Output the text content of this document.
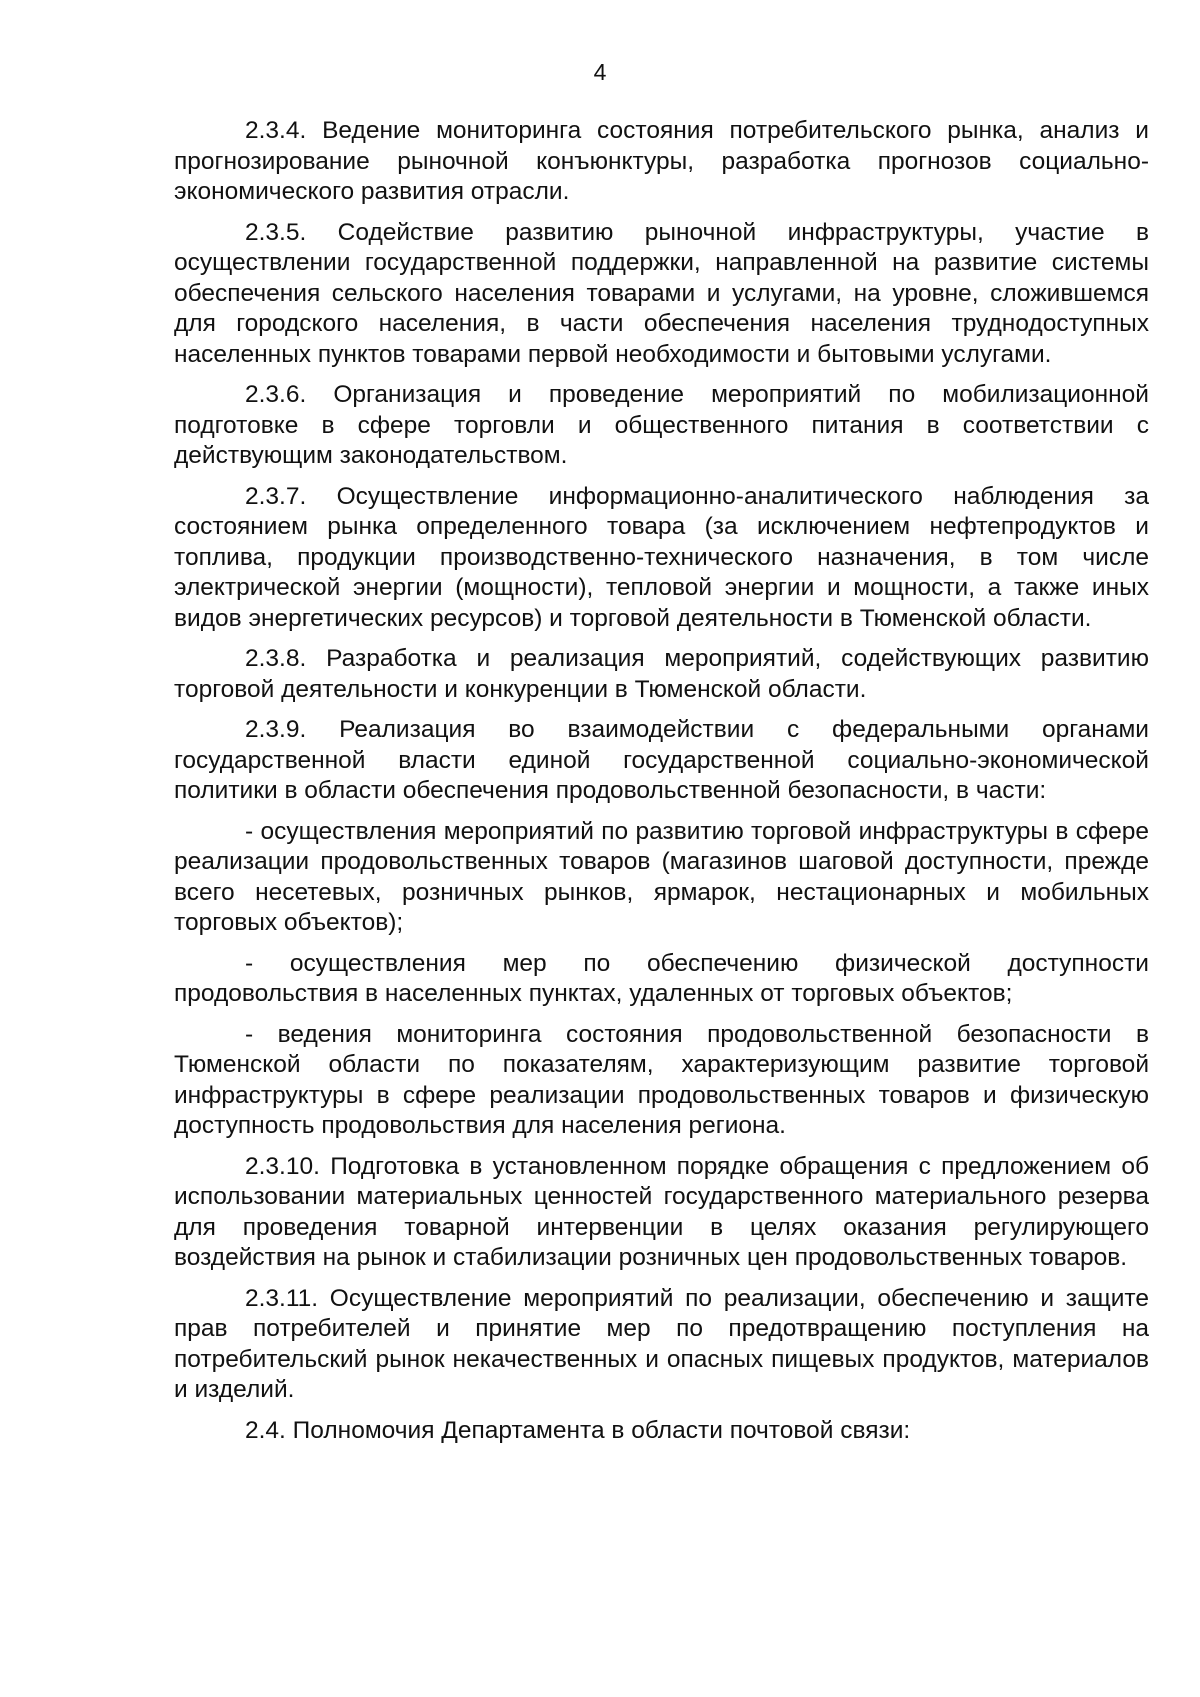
4

2.3.4. Ведение мониторинга состояния потребительского рынка, анализ и прогнозирование рыночной конъюнктуры, разработка прогнозов социально-экономического развития отрасли.

2.3.5. Содействие развитию рыночной инфраструктуры, участие в осуществлении государственной поддержки, направленной на развитие системы обеспечения сельского населения товарами и услугами, на уровне, сложившемся для городского населения, в части обеспечения населения труднодоступных населенных пунктов товарами первой необходимости и бытовыми услугами.

2.3.6. Организация и проведение мероприятий по мобилизационной подготовке в сфере торговли и общественного питания в соответствии с действующим законодательством.

2.3.7. Осуществление информационно-аналитического наблюдения за состоянием рынка определенного товара (за исключением нефтепродуктов и топлива, продукции производственно-технического назначения, в том числе электрической энергии (мощности), тепловой энергии и мощности, а также иных видов энергетических ресурсов) и торговой деятельности в Тюменской области.

2.3.8. Разработка и реализация мероприятий, содействующих развитию торговой деятельности и конкуренции в Тюменской области.

2.3.9. Реализация во взаимодействии с федеральными органами государственной власти единой государственной социально-экономической политики в области обеспечения продовольственной безопасности, в части:

- осуществления мероприятий по развитию торговой инфраструктуры в сфере реализации продовольственных товаров (магазинов шаговой доступности, прежде всего несетевых, розничных рынков, ярмарок, нестационарных и мобильных торговых объектов);

- осуществления мер по обеспечению физической доступности продовольствия в населенных пунктах, удаленных от торговых объектов;

- ведения мониторинга состояния продовольственной безопасности в Тюменской области по показателям, характеризующим развитие торговой инфраструктуры в сфере реализации продовольственных товаров и физическую доступность продовольствия для населения региона.

2.3.10. Подготовка в установленном порядке обращения с предложением об использовании материальных ценностей государственного материального резерва для проведения товарной интервенции в целях оказания регулирующего воздействия на рынок и стабилизации розничных цен продовольственных товаров.

2.3.11. Осуществление мероприятий по реализации, обеспечению и защите прав потребителей и принятие мер по предотвращению поступления на потребительский рынок некачественных и опасных пищевых продуктов, материалов и изделий.

2.4. Полномочия Департамента в области почтовой связи:
